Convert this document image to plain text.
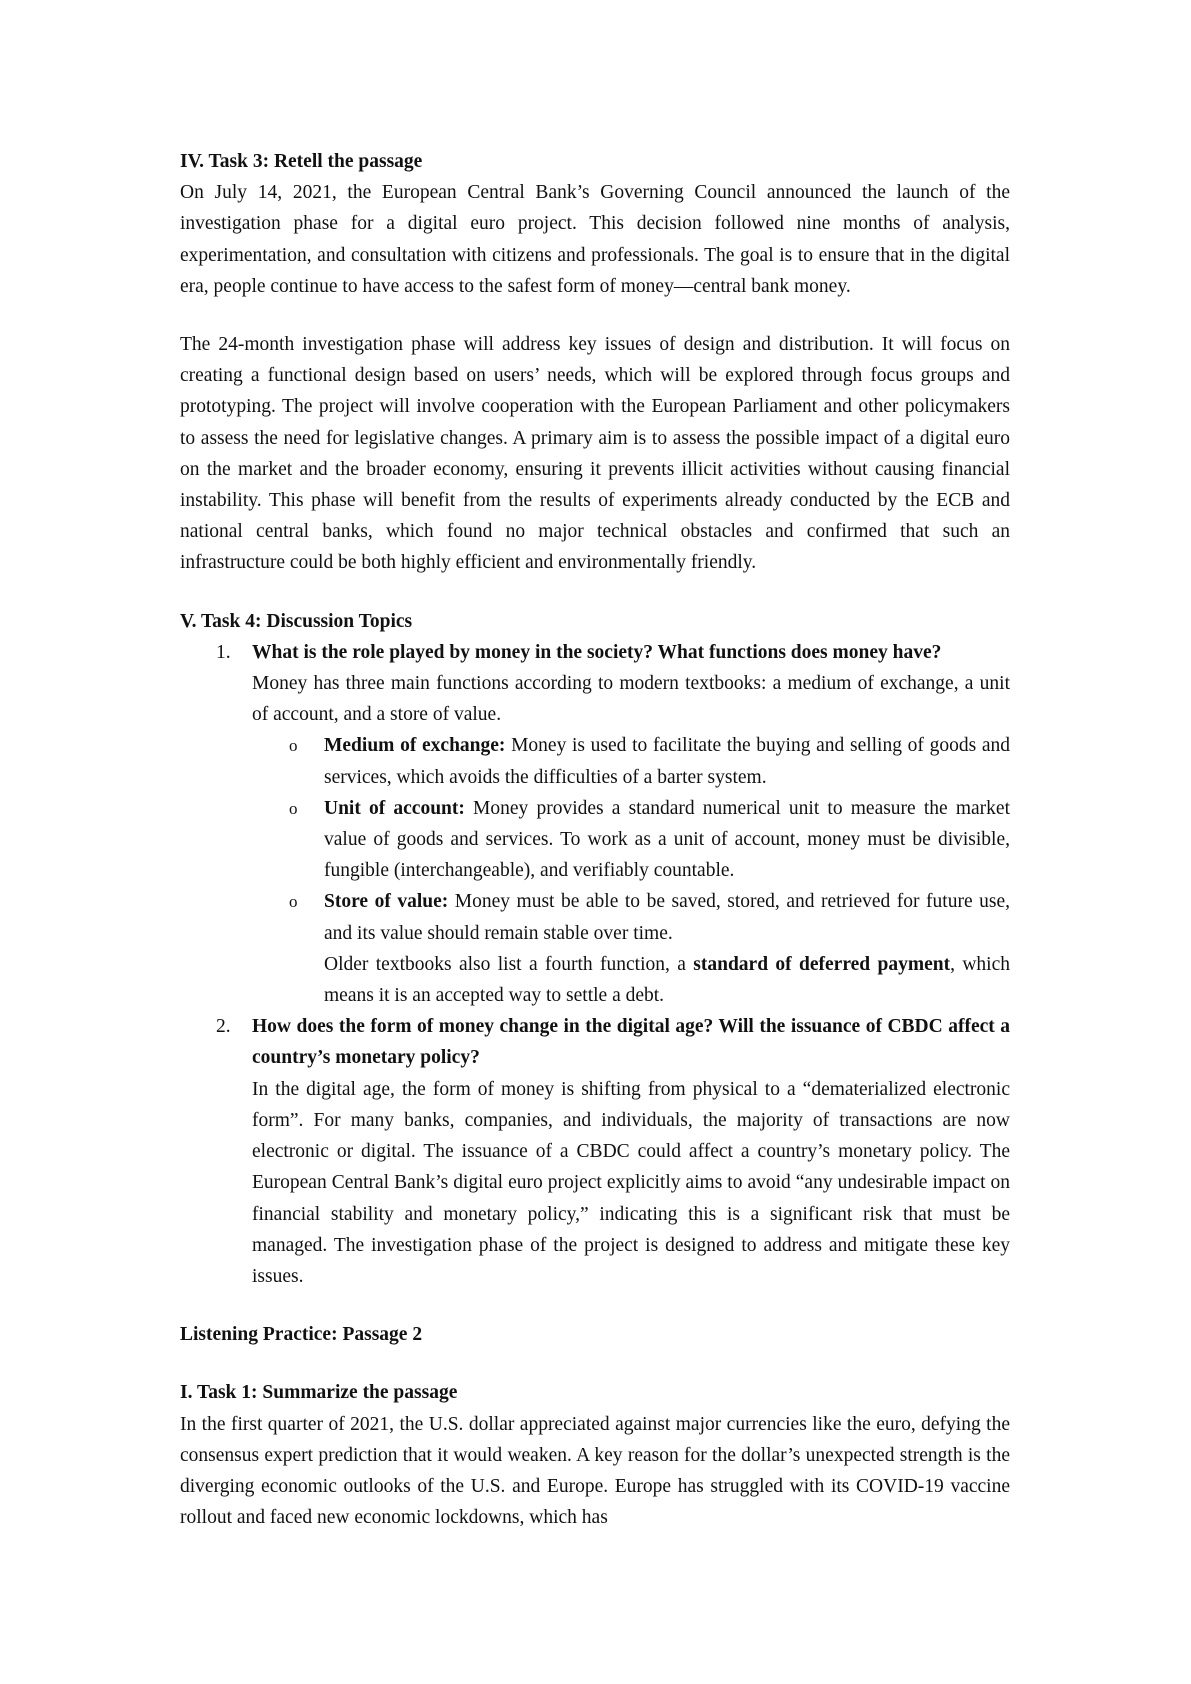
IV. Task 3: Retell the passage

On July 14, 2021, the European Central Bank’s Governing Council announced the launch of the investigation phase for a digital euro project. This decision followed nine months of analysis, experimentation, and consultation with citizens and professionals. The goal is to ensure that in the digital era, people continue to have access to the safest form of money—central bank money.

The 24-month investigation phase will address key issues of design and distribution. It will focus on creating a functional design based on users’ needs, which will be explored through focus groups and prototyping. The project will involve cooperation with the European Parliament and other policymakers to assess the need for legislative changes. A primary aim is to assess the possible impact of a digital euro on the market and the broader economy, ensuring it prevents illicit activities without causing financial instability. This phase will benefit from the results of experiments already conducted by the ECB and national central banks, which found no major technical obstacles and confirmed that such an infrastructure could be both highly efficient and environmentally friendly.

V. Task 4: Discussion Topics

1. What is the role played by money in the society? What functions does money have?

Money has three main functions according to modern textbooks: a medium of exchange, a unit of account, and a store of value.

o Medium of exchange: Money is used to facilitate the buying and selling of goods and services, which avoids the difficulties of a barter system.

o Unit of account: Money provides a standard numerical unit to measure the market value of goods and services. To work as a unit of account, money must be divisible, fungible (interchangeable), and verifiably countable.

o Store of value: Money must be able to be saved, stored, and retrieved for future use, and its value should remain stable over time.

Older textbooks also list a fourth function, a standard of deferred payment, which means it is an accepted way to settle a debt.

2. How does the form of money change in the digital age? Will the issuance of CBDC affect a country’s monetary policy?

In the digital age, the form of money is shifting from physical to a “dematerialized electronic form”. For many banks, companies, and individuals, the majority of transactions are now electronic or digital. The issuance of a CBDC could affect a country’s monetary policy. The European Central Bank’s digital euro project explicitly aims to avoid “any undesirable impact on financial stability and monetary policy,” indicating this is a significant risk that must be managed. The investigation phase of the project is designed to address and mitigate these key issues.

Listening Practice: Passage 2

I. Task 1: Summarize the passage

In the first quarter of 2021, the U.S. dollar appreciated against major currencies like the euro, defying the consensus expert prediction that it would weaken. A key reason for the dollar’s unexpected strength is the diverging economic outlooks of the U.S. and Europe. Europe has struggled with its COVID-19 vaccine rollout and faced new economic lockdowns, which has
